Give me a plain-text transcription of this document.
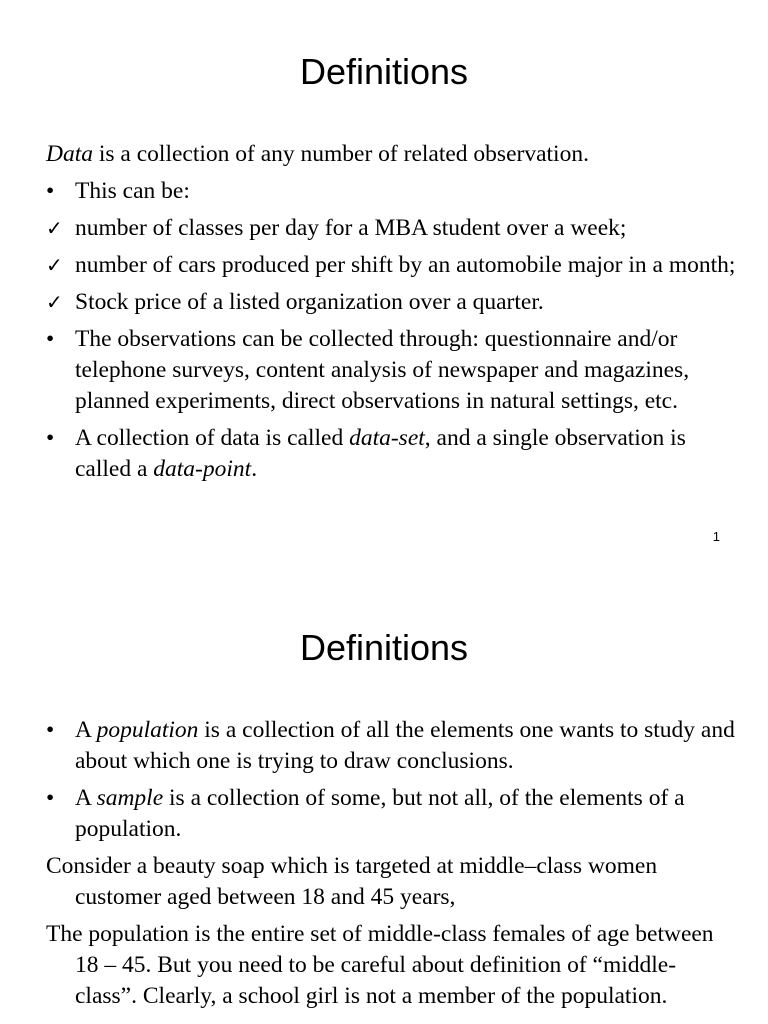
Definitions
Data is a collection of any number of related observation.
• This can be:
✓ number of classes per day for a MBA student over a week;
✓ number of cars produced per shift by an automobile major in a month;
✓ Stock price of a listed organization over a quarter.
• The observations can be collected through: questionnaire and/or telephone surveys, content analysis of newspaper and magazines, planned experiments, direct observations in natural settings, etc.
• A collection of data is called data-set, and a single observation is called a data-point.
1
Definitions
• A population is a collection of all the elements one wants to study and about which one is trying to draw conclusions.
• A sample is a collection of some, but not all, of the elements of a population.
Consider a beauty soap which is targeted at middle–class women customer aged between 18 and 45 years,
The population is the entire set of middle-class females of age between 18 – 45. But you need to be careful about definition of “middle-class”. Clearly, a school girl is not a member of the population.
